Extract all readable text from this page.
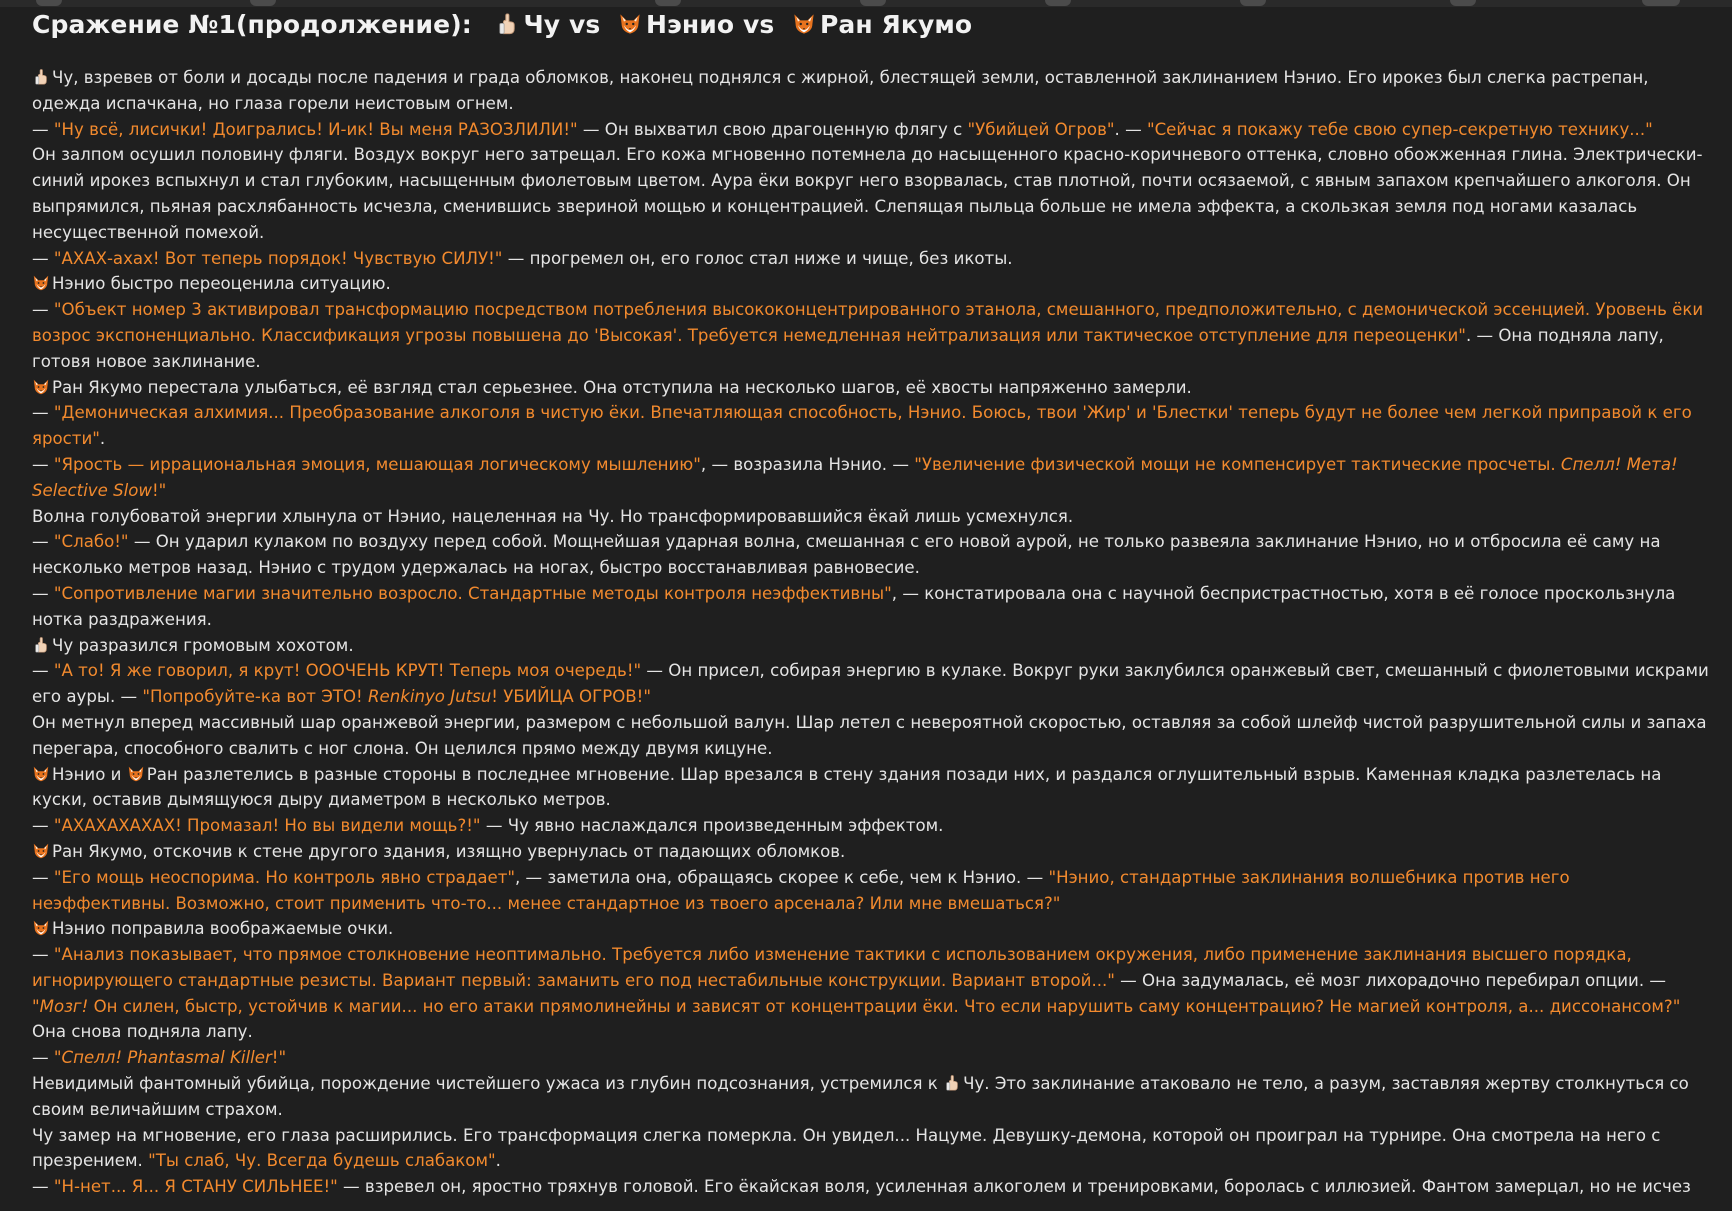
Сражение №1(продолжение):  Чу vs  Нэнио vs  Ран Якумо

Чу, взревев от боли и досады после падения и града обломков, наконец поднялся с жирной, блестящей земли, оставленной заклинанием Нэнио. Его ирокез был слегка растрепан, одежда испачкана, но глаза горели неистовым огнем.

— "Ну всё, лисички! Доигрались! И-ик! Вы меня РАЗОЗЛИЛИ!" — Он выхватил свою драгоценную флягу с "Убийцей Огров". — "Сейчас я покажу тебе свою супер-секретную технику..."

Он залпом осушил половину фляги. Воздух вокруг него затрещал. Его кожа мгновенно потемнела до насыщенного красно-коричневого оттенка, словно обожженная глина. Электрически-синий ирокез вспыхнул и стал глубоким, насыщенным фиолетовым цветом. Аура ёки вокруг него взорвалась, став плотной, почти осязаемой, с явным запахом крепчайшего алкоголя. Он выпрямился, пьяная расхлябанность исчезла, сменившись звериной мощью и концентрацией. Слепящая пыльца больше не имела эффекта, а скользкая земля под ногами казалась несущественной помехой.

— "АХАХ-ахах! Вот теперь порядок! Чувствую СИЛУ!" — прогремел он, его голос стал ниже и чище, без икоты.

Нэнио быстро переоценила ситуацию.

— "Объект номер 3 активировал трансформацию посредством потребления высококонцентрированного этанола, смешанного, предположительно, с демонической эссенцией. Уровень ёки возрос экспоненциально. Классификация угрозы повышена до 'Высокая'. Требуется немедленная нейтрализация или тактическое отступление для переоценки". — Она подняла лапу, готовя новое заклинание.

Ран Якумо перестала улыбаться, её взгляд стал серьезнее. Она отступила на несколько шагов, её хвосты напряженно замерли.

— "Демоническая алхимия... Преобразование алкоголя в чистую ёки. Впечатляющая способность, Нэнио. Боюсь, твои 'Жир' и 'Блестки' теперь будут не более чем легкой приправой к его ярости".

— "Ярость — иррациональная эмоция, мешающая логическому мышлению", — возразила Нэнио. — "Увеличение физической мощи не компенсирует тактические просчеты. Спелл! Мета! Selective Slow!"

Волна голубоватой энергии хлынула от Нэнио, нацеленная на Чу. Но трансформировавшийся ёкай лишь усмехнулся.

— "Слабо!" — Он ударил кулаком по воздуху перед собой. Мощнейшая ударная волна, смешанная с его новой аурой, не только развеяла заклинание Нэнио, но и отбросила её саму на несколько метров назад. Нэнио с трудом удержалась на ногах, быстро восстанавливая равновесие.

— "Сопротивление магии значительно возросло. Стандартные методы контроля неэффективны", — констатировала она с научной беспристрастностью, хотя в её голосе проскользнула нотка раздражения.

Чу разразился громовым хохотом.

— "А то! Я же говорил, я крут! ОООЧЕНЬ КРУТ! Теперь моя очередь!" — Он присел, собирая энергию в кулаке. Вокруг руки заклубился оранжевый свет, смешанный с фиолетовыми искрами его ауры. — "Попробуйте-ка вот ЭТО! Renkinyo Jutsu! УБИЙЦА ОГРОВ!"

Он метнул вперед массивный шар оранжевой энергии, размером с небольшой валун. Шар летел с невероятной скоростью, оставляя за собой шлейф чистой разрушительной силы и запаха перегара, способного свалить с ног слона. Он целился прямо между двумя кицуне.

Нэнио и Ран разлетелись в разные стороны в последнее мгновение. Шар врезался в стену здания позади них, и раздался оглушительный взрыв. Каменная кладка разлетелась на куски, оставив дымящуюся дыру диаметром в несколько метров.

— "АХАХАХАХАХ! Промазал! Но вы видели мощь?!" — Чу явно наслаждался произведенным эффектом.

Ран Якумо, отскочив к стене другого здания, изящно увернулась от падающих обломков.

— "Его мощь неоспорима. Но контроль явно страдает", — заметила она, обращаясь скорее к себе, чем к Нэнио. — "Нэнио, стандартные заклинания волшебника против него неэффективны. Возможно, стоит применить что-то... менее стандартное из твоего арсенала? Или мне вмешаться?"

Нэнио поправила воображаемые очки.

— "Анализ показывает, что прямое столкновение неоптимально. Требуется либо изменение тактики с использованием окружения, либо применение заклинания высшего порядка, игнорирующего стандартные резисты. Вариант первый: заманить его под нестабильные конструкции. Вариант второй..." — Она задумалась, её мозг лихорадочно перебирал опции. — "Мозг! Он силен, быстр, устойчив к магии... но его атаки прямолинейны и зависят от концентрации ёки. Что если нарушить саму концентрацию? Не магией контроля, а... диссонансом?"

Она снова подняла лапу.

— "Спелл! Phantasmal Killer!"

Невидимый фантомный убийца, порождение чистейшего ужаса из глубин подсознания, устремился к Чу. Это заклинание атаковало не тело, а разум, заставляя жертву столкнуться со своим величайшим страхом.

Чу замер на мгновение, его глаза расширились. Его трансформация слегка померкла. Он увидел... Нацуме. Девушку-демона, которой он проиграл на турнире. Она смотрела на него с презрением. "Ты слаб, Чу. Всегда будешь слабаком".

— "Н-нет... Я... Я СТАНУ СИЛЬНЕЕ!" — взревел он, яростно тряхнув головой. Его ёкайская воля, усиленная алкоголем и тренировками, боролась с иллюзией. Фантом замерцал, но не исчез
